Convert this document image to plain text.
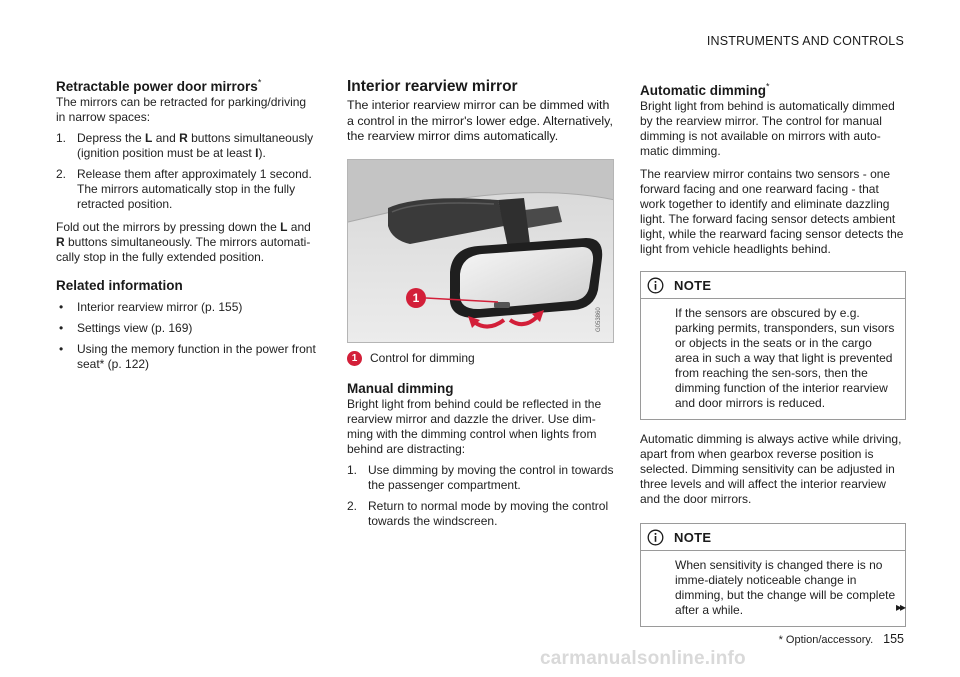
INSTRUMENTS AND CONTROLS
Retractable power door mirrors*

The mirrors can be retracted for parking/driving in narrow spaces:

1. Depress the L and R buttons simultaneously (ignition position must be at least I).
2. Release them after approximately 1 second. The mirrors automatically stop in the fully retracted position.

Fold out the mirrors by pressing down the L and R buttons simultaneously. The mirrors automati-cally stop in the fully extended position.

Related information
• Interior rearview mirror (p. 155)
• Settings view (p. 169)
• Using the memory function in the power front seat* (p. 122)
Interior rearview mirror

The interior rearview mirror can be dimmed with a control in the mirror's lower edge. Alternatively, the rearview mirror dims automatically.

1
G053860
1	Control for dimming
Manual dimming

Bright light from behind could be reflected in the rearview mirror and dazzle the driver. Use dim-ming with the dimming control when lights from behind are distracting:

1. Use dimming by moving the control in towards the passenger compartment.
2. Return to normal mode by moving the control towards the windscreen.
Automatic dimming*

Bright light from behind is automatically dimmed by the rearview mirror. The control for manual dimming is not available on mirrors with auto-matic dimming.

The rearview mirror contains two sensors - one forward facing and one rearward facing - that work together to identify and eliminate dazzling light. The forward facing sensor detects ambient light, while the rearward facing sensor detects the light from vehicle headlights behind.

NOTE
If the sensors are obscured by e.g. parking permits, transponders, sun visors or objects in the seats or in the cargo area in such a way that light is prevented from reaching the sen-sors, then the dimming function of the interior rearview and door mirrors is reduced.

Automatic dimming is always active while driving, apart from when gearbox reverse position is selected. Dimming sensitivity can be adjusted in three levels and will affect the interior rearview and the door mirrors.

NOTE
When sensitivity is changed there is no imme-diately noticeable change in dimming, but the change will be complete after a while.	▸▸
* Option/accessory. 155
carmanualsonline.info
